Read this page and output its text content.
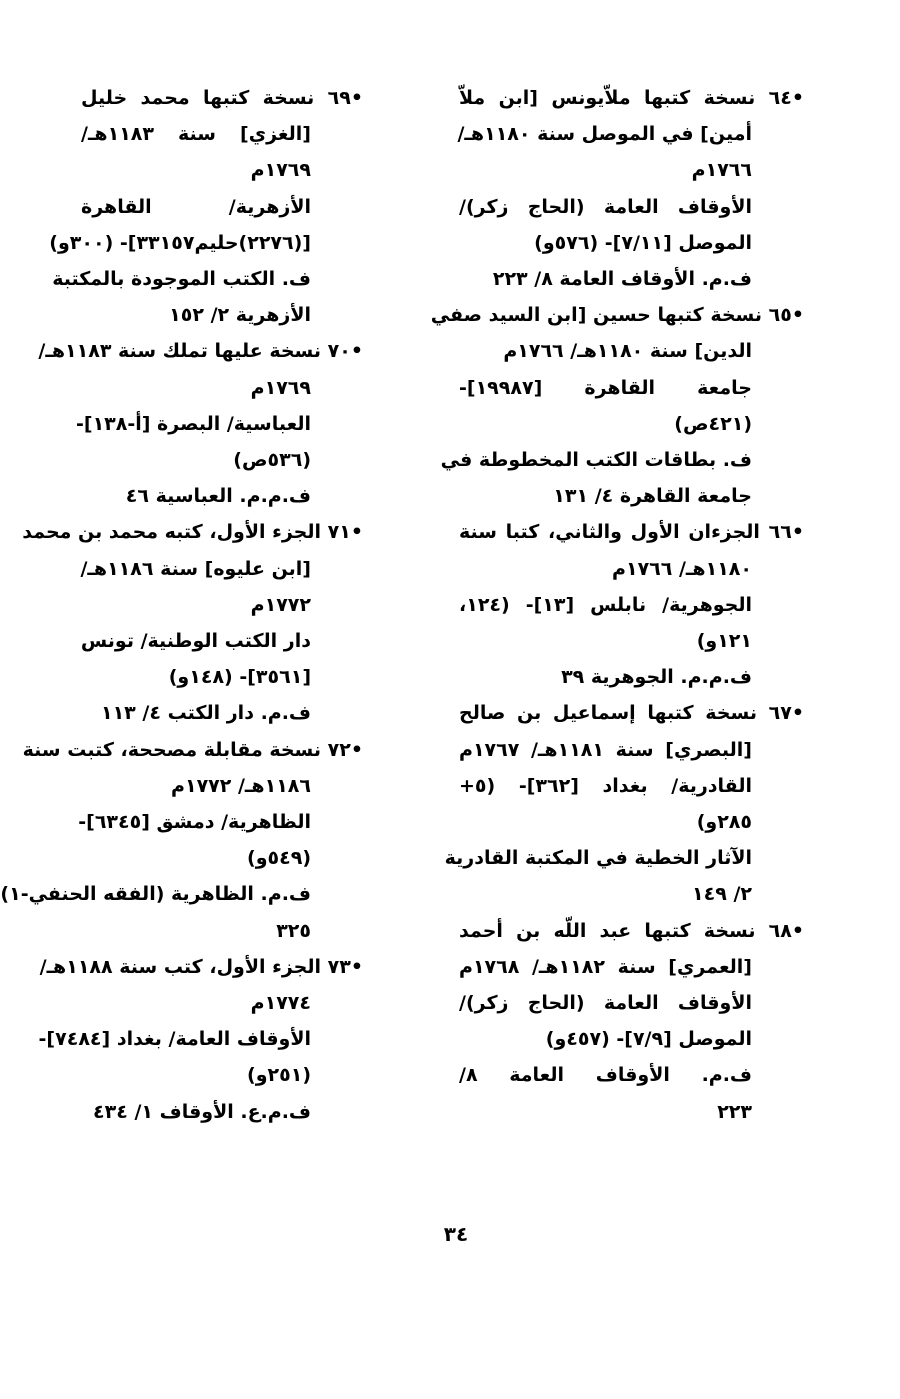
•٦٤ نسخة كتبها ملاّيونس [ابن ملاّ
أمين] في الموصل سنة ١١٨٠هـ/
١٧٦٦م
الأوقاف العامة (الحاج زكر)/
الموصل [٧/١١]- (٥٧٦و)
ف.م. الأوقاف العامة ٨/ ٢٢٣
•٦٥ نسخة كتبها حسين [ابن السيد صفي
الدين] سنة ١١٨٠هـ/ ١٧٦٦م
جامعة القاهرة [١٩٩٨٧]-
(٤٢١ص)
ف. بطاقات الكتب المخطوطة في
جامعة القاهرة ٤/ ١٣١
•٦٦ الجزءان الأول والثاني، كتبا سنة
١١٨٠هـ/ ١٧٦٦م
الجوهرية/ نابلس [١٣]- (١٢٤،
١٢١و)
ف.م.م. الجوهرية ٣٩
•٦٧ نسخة كتبها إسماعيل بن صالح
[البصري] سنة ١١٨١هـ/ ١٧٦٧م
القادرية/ بغداد [٣٦٢]- (٥+
٢٨٥و)
الآثار الخطية في المكتبة القادرية
٢/ ١٤٩
•٦٨ نسخة كتبها عبد اللّه بن أحمد
[العمري] سنة ١١٨٢هـ/ ١٧٦٨م
الأوقاف العامة (الحاج زكر)/
الموصل [٧/٩]- (٤٥٧و)
ف.م. الأوقاف العامة ٨/
٢٢٣
•٦٩ نسخة كتبها محمد خليل
[الغزي] سنة ١١٨٣هـ/
١٧٦٩م
الأزهرية/ القاهرة
[(٢٢٧٦)حليم٣٣١٥٧]- (٣٠٠و)
ف. الكتب الموجودة بالمكتبة
الأزهرية ٢/ ١٥٢
•٧٠ نسخة عليها تملك سنة ١١٨٣هـ/
١٧٦٩م
العباسية/ البصرة [أ-١٣٨]-
(٥٣٦ص)
ف.م.م. العباسية ٤٦
•٧١ الجزء الأول، كتبه محمد بن محمد
[ابن عليوه] سنة ١١٨٦هـ/
١٧٧٢م
دار الكتب الوطنية/ تونس
[٣٥٦١]- (١٤٨و)
ف.م. دار الكتب ٤/ ١١٣
•٧٢ نسخة مقابلة مصححة، كتبت سنة
١١٨٦هـ/ ١٧٧٢م
الظاهرية/ دمشق [٦٣٤٥]-
(٥٤٩و)
ف.م. الظاهرية (الفقه الحنفي-١)
٣٢٥
•٧٣ الجزء الأول، كتب سنة ١١٨٨هـ/
١٧٧٤م
الأوقاف العامة/ بغداد [٧٤٨٤]-
(٢٥١و)
ف.م.ع. الأوقاف ١/ ٤٣٤
٣٤
